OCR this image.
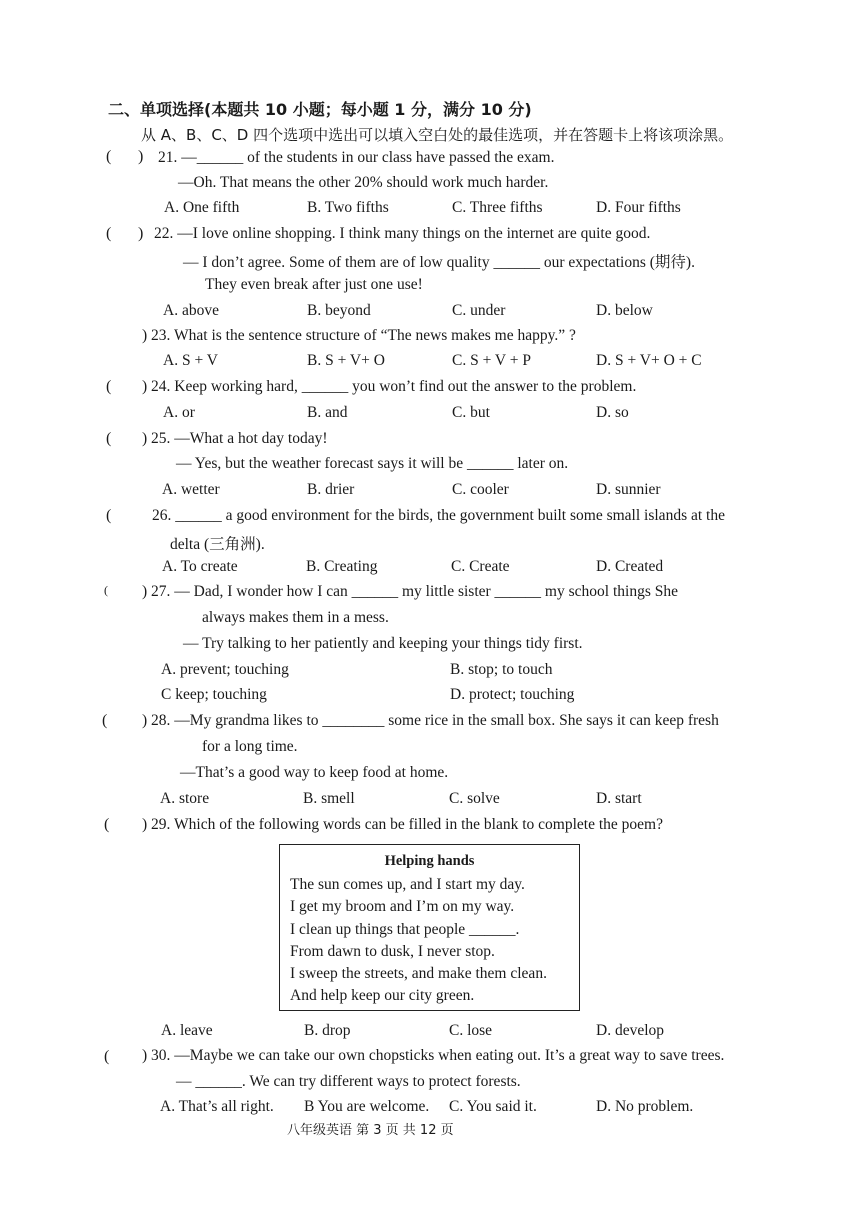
二、单项选择(本题共 10 小题；每小题 1 分，满分 10 分)
从 A、B、C、D 四个选项中选出可以填入空白处的最佳选项，并在答题卡上将该项涂黑。
( ) 21. —______ of the students in our class have passed the exam.
—Oh. That means the other 20% should work much harder.
A. One fifth	B. Two fifths	C. Three fifths	D. Four fifths
( ) 22. —I love online shopping. I think many things on the internet are quite good.
— I don’t agree. Some of them are of low quality ______ our expectations (期待).
They even break after just one use!
A. above	B. beyond	C. under	D. below
) 23. What is the sentence structure of “The news makes me happy.” ?
A. S + V	B. S + V+ O	C. S + V + P	D. S + V+ O + C
( ) 24. Keep working hard, ______ you won’t find out the answer to the problem.
A. or	B. and	C. but	D. so
( ) 25. —What a hot day today!
— Yes, but the weather forecast says it will be ______ later on.
A. wetter	B. drier	C. cooler	D. sunnier
(	26. ______ a good environment for the birds, the government built some small islands at the
delta (三角洲).
A. To create	B. Creating	C. Create	D. Created
( ) 27. — Dad, I wonder how I can ______ my little sister ______ my school things She
always makes them in a mess.
— Try talking to her patiently and keeping your things tidy first.
A. prevent; touching	B. stop; to touch
C keep; touching	D. protect; touching
( ) 28. —My grandma likes to ________ some rice in the small box. She says it can keep fresh
for a long time.
—That’s a good way to keep food at home.
A. store	B. smell	C. solve	D. start
( ) 29. Which of the following words can be filled in the blank to complete the poem?
Helping hands
The sun comes up, and I start my day.
I get my broom and I’m on my way.
I clean up things that people ______.
From dawn to dusk, I never stop.
I sweep the streets, and make them clean.
And help keep our city green.
A. leave	B. drop	C. lose	D. develop
( ) 30. —Maybe we can take our own chopsticks when eating out. It’s a great way to save trees.
— ______. We can try different ways to protect forests.
A. That’s all right. B You are welcome. C. You said it.	D. No problem.
八年级英语 第 3 页 共 12 页
